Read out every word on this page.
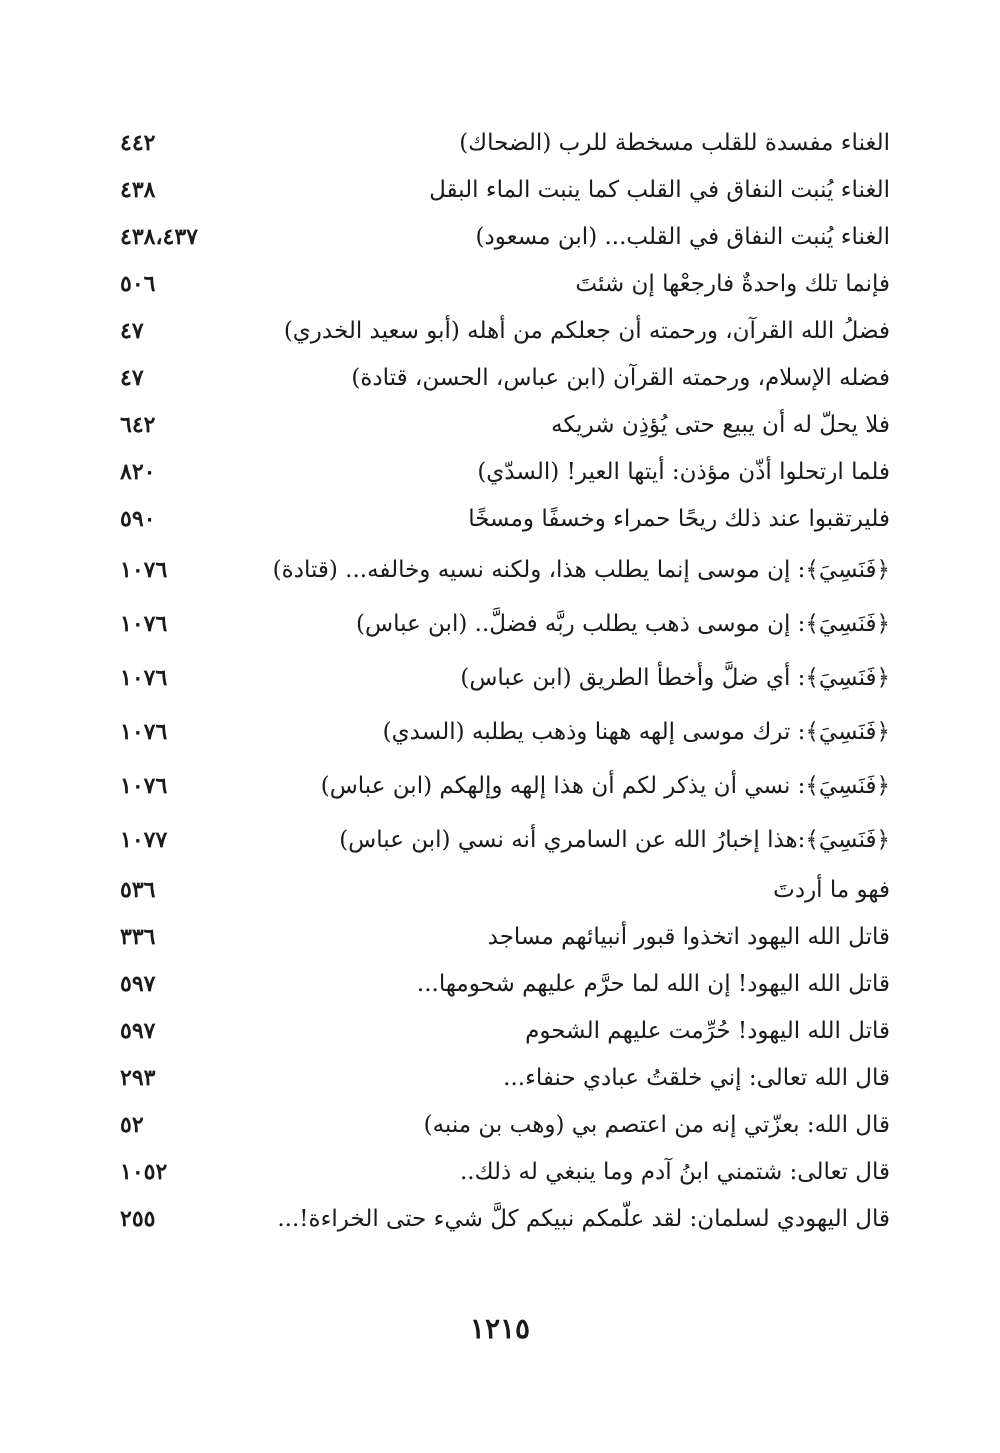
الغناء مفسدة للقلب مسخطة للرب (الضحاك)
٤٤٢
الغناء يُنبت النفاق في القلب كما ينبت الماء البقل
٤٣٨
الغناء يُنبت النفاق في القلب... (ابن مسعود)
٤٣٨،٤٣٧
فإنما تلك واحدةٌ فارجعْها إن شئتَ
٥٠٦
فضلُ الله القرآن، ورحمته أن جعلكم من أهله (أبو سعيد الخدري)
٤٧
فضله الإسلام، ورحمته القرآن (ابن عباس، الحسن، قتادة)
٤٧
فلا يحلّ له أن يبيع حتى يُؤذِن شريكه
٦٤٢
فلما ارتحلوا أذّن مؤذن: أيتها العير! (السدّي)
٨٢٠
فليرتقبوا عند ذلك ريحًا حمراء وخسفًا ومسخًا
٥٩٠
﴿فَنَسِيَ﴾: إن موسى إنما يطلب هذا، ولكنه نسيه وخالفه... (قتادة)
١٠٧٦
﴿فَنَسِيَ﴾: إن موسى ذهب يطلب ربَّه فضلَّ.. (ابن عباس)
١٠٧٦
﴿فَنَسِيَ﴾: أي ضلَّ وأخطأ الطريق (ابن عباس)
١٠٧٦
﴿فَنَسِيَ﴾: ترك موسى إلهه ههنا وذهب يطلبه (السدي)
١٠٧٦
﴿فَنَسِيَ﴾: نسي أن يذكر لكم أن هذا إلهه وإلهكم (ابن عباس)
١٠٧٦
﴿فَنَسِيَ﴾:هذا إخبارُ الله عن السامري أنه نسي (ابن عباس)
١٠٧٧
فهو ما أردتَ
٥٣٦
قاتل الله اليهود اتخذوا قبور أنبيائهم مساجد
٣٣٦
قاتل الله اليهود! إن الله لما حرَّم عليهم شحومها...
٥٩٧
قاتل الله اليهود! حُرِّمت عليهم الشحوم
٥٩٧
قال الله تعالى: إني خلقتُ عبادي حنفاء...
٢٩٣
قال الله: بعزّتي إنه من اعتصم بي (وهب بن منبه)
٥٢
قال تعالى: شتمني ابنُ آدم وما ينبغي له ذلك..
١٠٥٢
قال اليهودي لسلمان: لقد علّمكم نبيكم كلَّ شيء حتى الخراءة!...
٢٥٥
١٢١٥
